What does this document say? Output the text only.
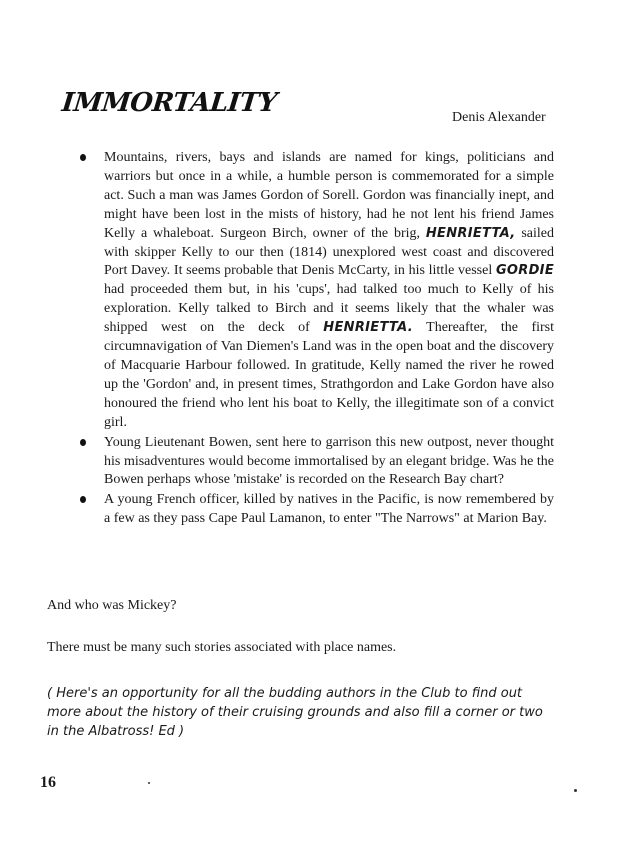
IMMORTALITY	Denis Alexander
Mountains, rivers, bays and islands are named for kings, politicians and warriors but once in a while, a humble person is commemorated for a simple act. Such a man was James Gordon of Sorell. Gordon was financially inept, and might have been lost in the mists of history, had he not lent his friend James Kelly a whaleboat. Surgeon Birch, owner of the brig, HENRIETTA, sailed with skipper Kelly to our then (1814) unexplored west coast and discovered Port Davey. It seems probable that Denis McCarty, in his little vessel GORDIE had proceeded them but, in his 'cups', had talked too much to Kelly of his exploration. Kelly talked to Birch and it seems likely that the whaler was shipped west on the deck of HENRIETTA. Thereafter, the first circumnavigation of Van Diemen's Land was in the open boat and the discovery of Macquarie Harbour followed. In gratitude, Kelly named the river he rowed up the 'Gordon' and, in present times, Strathgordon and Lake Gordon have also honoured the friend who lent his boat to Kelly, the illegitimate son of a convict girl.
Young Lieutenant Bowen, sent here to garrison this new outpost, never thought his misadventures would become immortalised by an elegant bridge. Was he the Bowen perhaps whose 'mistake' is recorded on the Research Bay chart?
A young French officer, killed by natives in the Pacific, is now remembered by a few as they pass Cape Paul Lamanon, to enter "The Narrows" at Marion Bay.
And who was Mickey?
There must be many such stories associated with place names.
( Here's an opportunity for all the budding authors in the Club to find out more about the history of their cruising grounds and also fill a corner or two in the Albatross! Ed )
16
